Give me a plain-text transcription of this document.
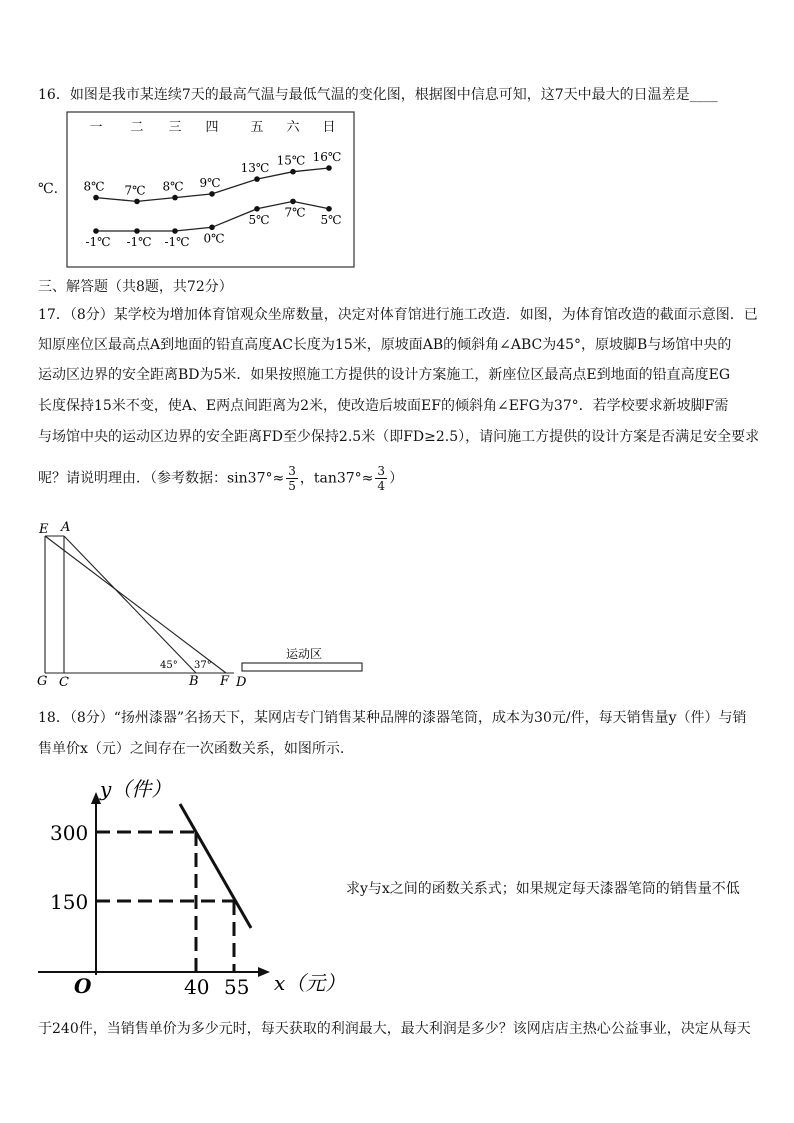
16．如图是我市某连续7天的最高气温与最低气温的变化图，根据图中信息可知，这7天中最大的日温差是____
℃.
一 二 三 四 五 六 日
8℃ 7℃ 8℃ 9℃
13℃
15℃ 16℃
-1℃ -1℃ -1℃ 0℃
5℃
7℃
5℃
三、解答题（共8题，共72分）
17．（8分）某学校为增加体育馆观众坐席数量，决定对体育馆进行施工改造．如图，为体育馆改造的截面示意图．已
知原座位区最高点A到地面的铅直高度AC长度为15米，原坡面AB的倾斜角∠ABC为45°，原坡脚B与场馆中央的
运动区边界的安全距离BD为5米．如果按照施工方提供的设计方案施工，新座位区最高点E到地面的铅直高度EG
长度保持15米不变，使A、E两点间距离为2米，使改造后坡面EF的倾斜角∠EFG为37°．若学校要求新坡脚F需
与场馆中央的运动区边界的安全距离FD至少保持2.5米（即FD≥2.5），请问施工方提供的设计方案是否满足安全要求
呢？请说明理由．（参考数据：$\sin 37^\circ\approx \frac{3}{5}$ ，$\tan 37^\circ\approx \frac{3}{4}$ ）
E A
G C	B F D
45° 37°
运动区
18．（8分）“扬州漆器”名扬天下，某网店专门销售某种品牌的漆器笔筒，成本为30元/件，每天销售量y（件）与销
售单价x（元）之间存在一次函数关系，如图所示.
y（件）
x（元）
O
300
150
40 55
求y与x之间的函数关系式；如果规定每天漆器笔筒的销售量不低
于240件，当销售单价为多少元时，每天获取的利润最大，最大利润是多少？该网店店主热心公益事业，决定从每天
